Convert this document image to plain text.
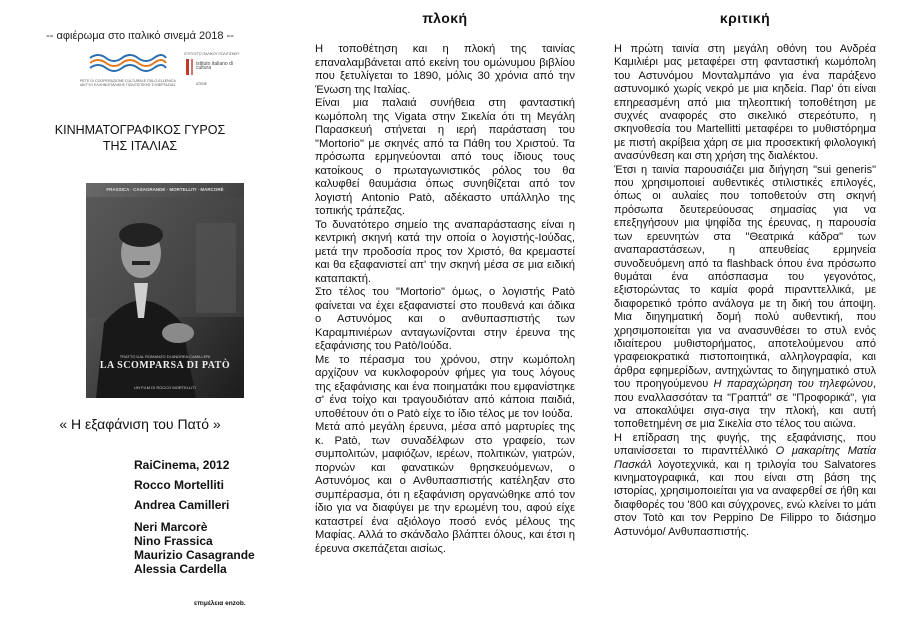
-- αφιέρωμα στο ιταλικό σινεμά 2018 --
ΡΕΤΕ DI COOPERAZIONE CULTURALE ITALO-ELLENICA
ΔΙΚΤΥΟ ΕΛΛΗΝΟΙΤΑΛΙΚΗΣ ΠΟΛΙΤΙΣΤΙΚΗΣ ΣΥΝΕΡΓΑΣΙΑΣ
ΙΣΤΙΤΟΥΤΟ ΙΤΑΛΙΚΟΥ ΠΟΛΙΤΙΣΜΟΥ
istituto italiano di cultura
ATENE
ΚΙΝΗΜΑΤΟΓΡΑΦΙΚΟΣ ΓΥΡΟΣ
ΤΗΣ ΙΤΑΛΙΑΣ
FRASSICA · CASAGRANDE · MORTELLITI · MARCORÈ
TRATTO DAL ROMANZO DI ANDREA CAMILLERI
LA SCOMPARSA DI PATÒ
UN FILM DI ROCCO MORTELLITI
« Η εξαφάνιση του Πατό »
RaiCinema, 2012
Rocco Mortelliti
Andrea Camilleri
Neri Marcorè
Nino Frassica
Maurizio Casagrande
Alessia Cardella
επιμέλεια enzob.
πλοκή

Η τοποθέτηση και η πλοκή της ταινίας επαναλαμβάνεται από εκείνη του ομώνυμου βιβλίου που ξετυλίγεται το 1890, μόλις 30 χρόνια από την Ένωση της Ιταλίας.

Είναι μια παλαιά συνήθεια στη φανταστική κωμόπολη της Vigata στην Σικελία ότι τη Μεγάλη Παρασκευή στήνεται η ιερή παράσταση του "Mortorio" με σκηνές από τα Πάθη του Χριστού. Τα πρόσωπα ερμηνεύονται από τους ίδιους τους κατοίκους ο πρωταγωνιστικός ρόλος του θα καλυφθεί θαυμάσια όπως συνηθίζεται από τον λογιστή Antonio Patò, αδέκαστο υπάλληλο της τοπικής τράπεζας.

Το δυνατότερο σημείο της αναπαράστασης είναι η κεντρική σκηνή κατά την οποία ο λογιστής-Ιούδας, μετά την προδοσία προς τον Χριστό, θα κρεμαστεί και θα εξαφανιστεί απ' την σκηνή μέσα σε μια ειδική καταπακτή.

Στο τέλος του "Mortorio" όμως, ο λογιστής Patò φαίνεται να έχει εξαφανιστεί στο πουθενά και άδικα ο Αστυνόμος και ο ανθυπασπιστής των Καραμπινιέρων ανταγωνίζονται στην έρευνα της εξαφάνισης του Patò/Ιούδα.

Με το πέρασμα του χρόνου, στην κωμόπολη αρχίζουν να κυκλοφορούν φήμες για τους λόγους της εξαφάνισης και ένα ποιηματάκι που εμφανίστηκε σ' ένα τοίχο και τραγουδιόταν από κάποια παιδιά, υποθέτουν ότι ο Patò είχε το ίδιο τέλος με τον Ιούδα.

Μετά από μεγάλη έρευνα, μέσα από μαρτυρίες της κ. Patò, των συναδέλφων στο γραφείο, των συμπολιτών, μαφιόζων, ιερέων, πολιτικών, γιατρών, πορνών και φανατικών θρησκευόμενων, ο Αστυνόμος και ο Ανθυπασπιστής κατέληξαν στο συμπέρασμα, ότι η εξαφάνιση οργανώθηκε από τον ίδιο για να διαφύγει με την ερωμένη του, αφού είχε καταστρεί ένα αξιόλογο ποσό ενός μέλους της Μαφίας. Αλλά το σκάνδαλο βλάπτει όλους, και έτσι η έρευνα σκεπάζεται αισίως.

κριτική

Η πρώτη ταινία στη μεγάλη οθόνη του Ανδρέα Καμιλιέρι μας μεταφέρει στη φανταστική κωμόπολη του Αστυνόμου Μονταλμπάνο για ένα παράξενο αστυνομικό χωρίς νεκρό με μια κηδεία. Παρ' ότι είναι επηρεασμένη από μια τηλεοπτική τοποθέτηση με συχνές αναφορές στο σικελικό στερεότυπο, η σκηνοθεσία του Martellitti μεταφέρει το μυθιστόρημα με πιστή ακρίβεια χάρη σε μια προσεκτική φιλολογική ανασύνθεση και στη χρήση της διαλέκτου.

Έτσι η ταινία παρουσιάζει μια διήγηση "sui generis" που χρησιμοποιεί αυθεντικές στιλιστικές επιλογές, όπως οι αυλαίες που τοποθετούν στη σκηνή πρόσωπα δευτερεύουσας σημασίας για να επεξηγήσουν μια ψηφίδα της έρευνας, η παρουσία των ερευνητών στα "Θεατρικά κάδρα" των αναπαραστάσεων, η απευθείας ερμηνεία συνοδευόμενη από τα flashback όπου ένα πρόσωπο θυμάται ένα απόσπασμα του γεγονότος, εξιστορώντας το καμία φορά πιρανττελλικά, με διαφορετικό τρόπο ανάλογα με τη δική του άποψη. Μια διηγηματική δομή πολύ αυθεντική, που χρησιμοποιείται για να ανασυνθέσει το στυλ ενός ιδιαίτερου μυθιστορήματος, αποτελούμενου από γραφειοκρατικά πιστοποιητικά, αλληλογραφία, και άρθρα εφημερίδων, αντηχώντας το διηγηματικό στυλ του προηγούμενου Η παραχώρηση του τηλεφώνου, που εναλλασσόταν τα "Γραπτά" σε "Προφορικά", για να αποκαλύψει σιγα-σιγα την πλοκή, και αυτή τοποθετημένη σε μια Σικελία στο τέλος του αιώνα.

Η επίδραση της φυγής, της εξαφάνισης, που υπαινίσσεται το πιρανττέλλικό Ο μακαρίτης Ματία Πασκάλ λογοτεχνικά, και η τριλογία του Salvatores κινηματογραφικά, και που είναι στη βάση της ιστορίας, χρησιμοποιείται για να αναφερθεί σε ήθη και διαφθορές του '800 και σύγχρονες, ενώ κλείνει το μάτι στον Totò και τον Peppino De Filippo το διάσημο Αστυνόμο/ Ανθυπασπιστής.
